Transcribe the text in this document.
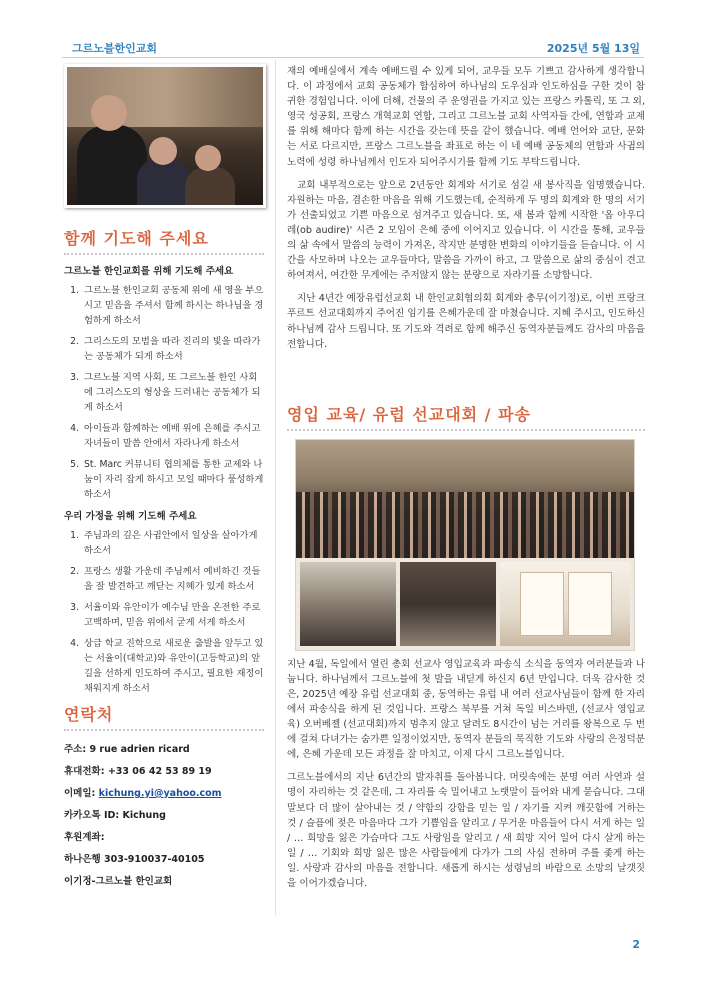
그르노블한인교회	2025년 5월 13일
함께 기도해 주세요
그르노블 한인교회를 위해 기도해 주세요
1. 그르노블 한인교회 공동체 위에 새 영을 부으시고 믿음을 주셔서 함께 하시는 하나님을 경험하게 하소서
2. 그리스도의 모범을 따라 진리의 빛을 따라가는 공동체가 되게 하소서
3. 그르노블 지역 사회, 또 그르노블 한인 사회에 그리스도의 형상을 드러내는 공동체가 되게 하소서
4. 아이들과 함께하는 예배 위에 은혜를 주시고 자녀들이 말씀 안에서 자라나게 하소서
5. St. Marc 커뮤니티 협의체를 통한 교제와 나눔이 자리 잡게 하시고 모일 때마다 풍성하게 하소서
우리 가정을 위해 기도해 주세요
1. 주님과의 깊은 사귐안에서 일상을 살아가게 하소서
2. 프랑스 생활 가운데 주님께서 예비하긴 것들을 잘 발견하고 깨닫는 지혜가 있게 하소서
3. 서율이와 유안이가 예수님 만을 온전한 주로 고백하며, 믿음 위에서 굳게 서게 하소서
4. 상급 학교 진학으로 새로운 출발을 앞두고 있는 서율이(대학교)와 유안이(고등학교)의 앞 길을 선하게 인도하여 주시고, 필요한 재정이 채워지게 하소서
연락처
주소: 9 rue adrien ricard
휴대전화: +33 06 42 53 89 19
이메일: kichung.yi@yahoo.com
카카오톡 ID: Kichung
후원계좌:
하나은행 303-910037-40105
이기정-그르노블 한인교회

재의 예배실에서 계속 예배드릴 수 있게 되어, 교우들 모두 기쁘고 감사하게 생각합니다. 이 과정에서 교회 공동체가 합심하여 하나님의 도우심과 인도하심을 구한 것이 참 귀한 경험입니다. 이에 더해, 건물의 주 운영권을 가지고 있는 프랑스 카톨릭, 또 그 외, 영국 성공회, 프랑스 개혁교회 연합, 그리고 그르노블 교회 사역자들 간에, 연합과 교제를 위해 해마다 함께 하는 시간을 갖는데 뜻을 같이 했습니다. 예배 언어와 교단, 문화는 서로 다르지만, 프랑스 그르노블을 좌표로 하는 이 네 예배 공동체의 연합과 사귐의 노력에 성령 하나님께서 인도자 되어주시기를 함께 기도 부탁드립니다.

교회 내부적으로는 앞으로 2년동안 회계와 서기로 섬길 새 봉사직을 임명했습니다. 자원하는 마음, 겸손한 마음을 위해 기도했는데, 순적하게 두 명의 회계와 한 명의 서기가 선출되었고 기쁜 마음으로 섬겨주고 있습니다. 또, 새 봄과 함께 시작한 '옵 아우디레(ob audire)' 시즌 2 모임이 은혜 중에 이어지고 있습니다. 이 시간을 통해, 교우들의 삶 속에서 말씀의 능력이 가져온, 작지만 분명한 변화의 이야기들을 듣습니다. 이 시간을 사모하며 나오는 교우들마다, 말씀을 가까이 하고, 그 말씀으로 삶의 중심이 견고하여져서, 여간한 무게에는 주저않지 않는 분량으로 자라기를 소망합니다.

지난 4년간 예장유럽선교회 내 한인교회협의회 회계와 총무(이기정)로, 이번 프랑크푸르트 선교대회까지 주어진 임기를 은혜가운데 잘 마쳤습니다. 지혜 주시고, 인도하신 하나님께 감사 드립니다. 또 기도와 격려로 함께 해주신 동역자분들께도 감사의 마음을 전합니다.

영입 교육/ 유럽 선교대회 / 파송

지난 4월, 독일에서 열린 총회 선교사 영입교육과 파송식 소식을 동역자 여러분들과 나눕니다. 하나님께서 그르노블에 첫 발을 내딛게 하신지 6년 만입니다. 더욱 감사한 것은, 2025년 예장 유럽 선교대회 중, 동역하는 유럽 내 여러 선교사님들이 함께 한 자리에서 파송식을 하게 된 것입니다. 프랑스 북부를 거쳐 독일 비스바덴, (선교사 영입교육) 오버베젤 (선교대회)까지 멈추지 않고 달려도 8시간이 넘는 거리를 왕복으로 두 번에 걸쳐 다녀가는 숨가쁜 일정이었지만, 동역자 분들의 묵직한 기도와 사랑의 은정덕분에, 은혜 가운데 모든 과정을 잘 마치고, 이제 다시 그르노블입니다.

그르노블에서의 지난 6년간의 발자취를 돌아봅니다. 머릿속에는 분명 여러 사연과 설명이 자리하는 것 같은데, 그 자리를 숙 밀어내고 노랫말이 들어와 내게 묻습니다. 그대 말보다 더 많이 살아내는 것 / 약함의 강함을 믿는 일 / 자기를 지켜 깨끗함에 거하는 것 / 슬픔에 젖은 마음마다 그가 기쁨임을 알리고 / 무거운 마음들어 다시 서게 하는 일 / … 희망을 잃은 가슴마다 그도 사랑임을 알리고 / 새 희망 지어 일어 다시 살게 하는 일 / … 기회와 희망 잃은 많은 사람들에게 다가가 그의 사심 전하며 주를 좇게 하는 일. 사랑과 감사의 마음을 전합니다. 새롭게 하시는 성령님의 바람으로 소망의 날갯짓을 이어가겠습니다.

2
